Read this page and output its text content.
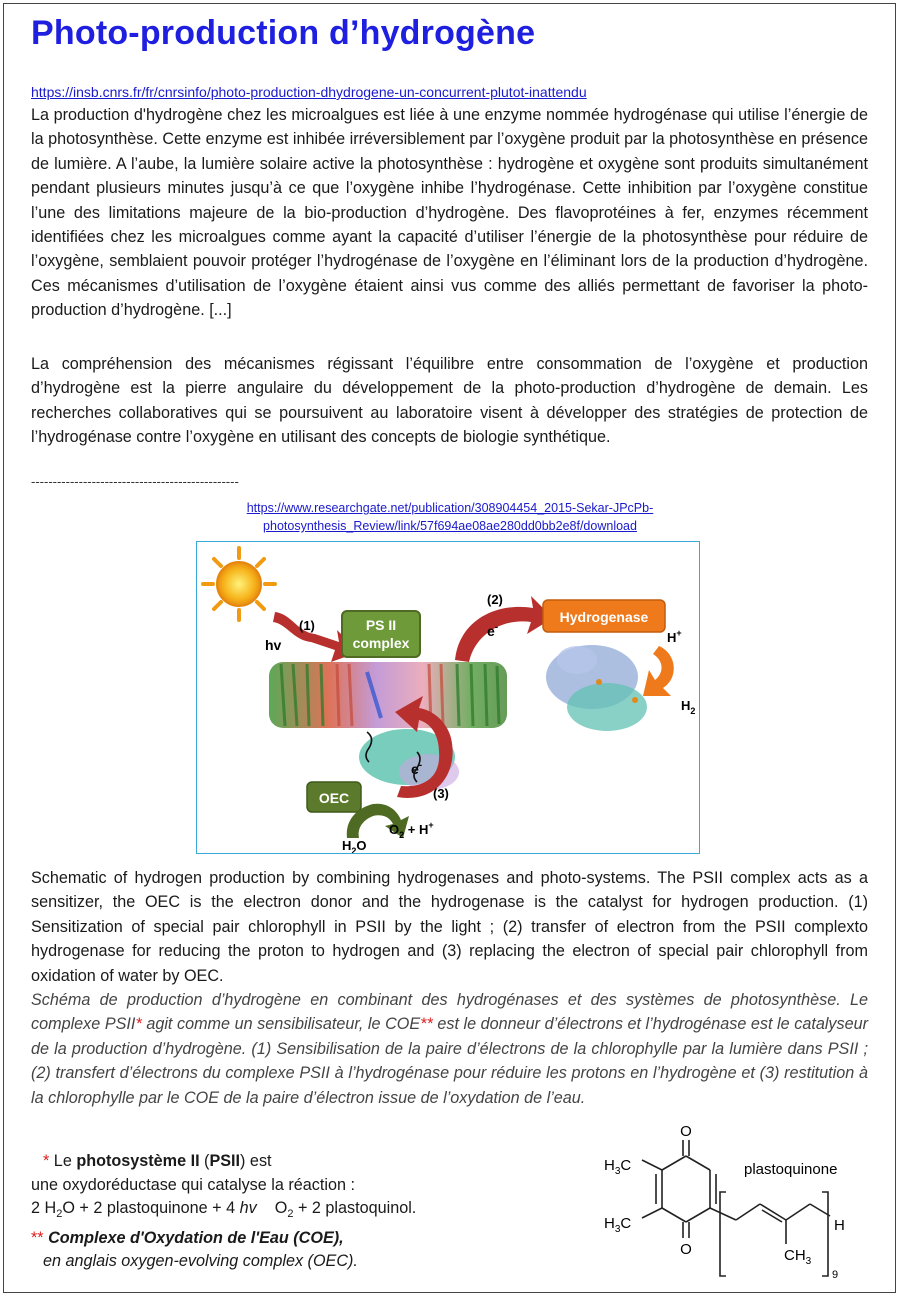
Photo-production d’hydrogène
https://insb.cnrs.fr/fr/cnrsinfo/photo-production-dhydrogene-un-concurrent-plutot-inattendu

La production d'hydrogène chez les microalgues est liée à une enzyme nommée hydrogénase qui utilise l’énergie de la photosynthèse. Cette enzyme est inhibée irréversiblement par l’oxygène produit par la photosynthèse en présence de lumière. A l’aube, la lumière solaire active la photosynthèse : hydrogène et oxygène sont produits simultanément pendant plusieurs minutes jusqu’à ce que l’oxygène inhibe l’hydrogénase. Cette inhibition par l’oxygène constitue l’une des limitations majeure de la bio-production d’hydrogène. Des flavoprotéines à fer, enzymes récemment identifiées chez les microalgues comme ayant la capacité d’utiliser l’énergie de la photosynthèse pour réduire de l’oxygène, semblaient pouvoir protéger l’hydrogénase de l’oxygène en l’éliminant lors de la production d’hydrogène. Ces mécanismes d’utilisation de l’oxygène étaient ainsi vus comme des alliés permettant de favoriser la photo-production d’hydrogène. [...]

La compréhension des mécanismes régissant l’équilibre entre consommation de l’oxygène et production d’hydrogène est la pierre angulaire du développement de la photo-production d’hydrogène de demain. Les recherches collaboratives qui se poursuivent au laboratoire visent à développer des stratégies de protection de l’hydrogénase contre l’oxygène en utilisant des concepts de biologie synthétique.

------------------------------------------------
https://www.researchgate.net/publication/308904454_2015-Sekar-JPcPb-
photosynthesis_Review/link/57f694ae08ae280dd0bb2e8f/download
(1)
hv
PS II
complex
(2)
e-
Hydrogenase
H+
$H_2$
e-
(3)
OEC
$H_2O$
$O_2 + H^+$

Schematic of hydrogen production by combining hydrogenases and photo-systems. The PSII complex acts as a sensitizer, the OEC is the electron donor and the hydrogenase is the catalyst for hydrogen production. (1) Sensitization of special pair chlorophyll in PSII by the light ; (2) transfer of electron from the PSII complexto hydrogenase for reducing the proton to hydrogen and (3) replacing the electron of special pair chlorophyll from oxidation of water by OEC.

Schéma de production d’hydrogène en combinant des hydrogénases et des systèmes de photosynthèse. Le complexe PSII* agit comme un sensibilisateur, le COE** est le donneur d’électrons et l’hydrogénase est le catalyseur de la production d’hydrogène. (1) Sensibilisation de la paire d’électrons de la chlorophylle par la lumière dans PSII ; (2) transfert d’électrons du complexe PSII à l’hydrogénase pour réduire les protons en l’hydrogène et (3) restitution à la chlorophylle par le COE de la paire d’électron issue de l’oxydation de l’eau.

* Le photosystème II (PSII) est
une oxydoréductase qui catalyse la réaction :
2 $H_2O + 2$ plastoquinone + 4 hv    $O_2 + 2$ plastoquinol.
** Complexe d'Oxydation de l'Eau (COE),
en anglais oxygen-evolving complex (OEC).
O
O
$H_3C$
$H_3C$	H
$CH_3$
9
plastoquinone
